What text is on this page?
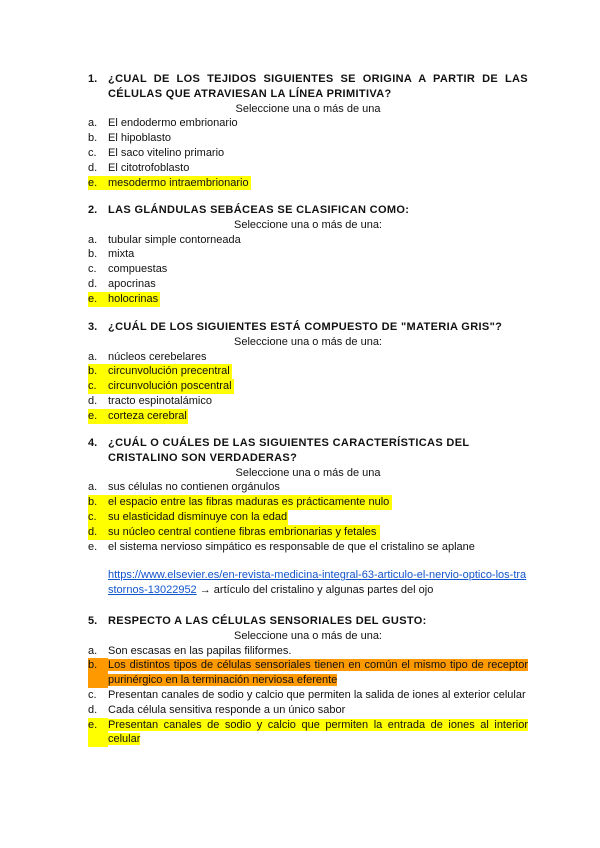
1. ¿CUAL DE LOS TEJIDOS SIGUIENTES SE ORIGINA A PARTIR DE LAS CÉLULAS QUE ATRAVIESAN LA LÍNEA PRIMITIVA?

Seleccione una o más de una

a. El endodermo embrionario
b. El hipoblasto
c.	El saco vitelino primario
d. El citotrofoblasto
e. mesodermo intraembrionario
2. LAS GLÁNDULAS SEBÁCEAS SE CLASIFICAN COMO:

Seleccione una o más de una:

a. tubular simple contorneada
b. mixta
c.	compuestas
d. apocrinas
e. holocrinas
3. ¿CUÁL DE LOS SIGUIENTES ESTÁ COMPUESTO DE "MATERIA GRIS"?

Seleccione una o más de una:

a. núcleos cerebelares
b. circunvolución precentral
c.	circunvolución poscentral
d. tracto espinotalámico
e. corteza cerebral
4. ¿CUÁL O CUÁLES DE LAS SIGUIENTES CARACTERÍSTICAS DEL CRISTALINO SON VERDADERAS?

Seleccione una o más de una

a. sus células no contienen orgánulos
b. el espacio entre las fibras maduras es prácticamente nulo
c.	su elasticidad disminuye con la edad
d. su núcleo central contiene fibras embrionarias y fetales
e. el sistema nervioso simpático es responsable de que el cristalino se aplane
https://www.elsevier.es/en-revista-medicina-integral-63-articulo-el-nervio-optico-los-trastornos-13022952 → artículo del cristalino y algunas partes del ojo
5. RESPECTO A LAS CÉLULAS SENSORIALES DEL GUSTO:

Seleccione una o más de una:

a. Son escasas en las papilas filiformes.
b. Los distintos tipos de células sensoriales tienen en común el mismo tipo de receptor purinérgico en la terminación nerviosa eferente
c.	Presentan canales de sodio y calcio que permiten la salida de iones al exterior celular
d. Cada célula sensitiva responde a un único sabor
e. Presentan canales de sodio y calcio que permiten la entrada de iones al interior celular
